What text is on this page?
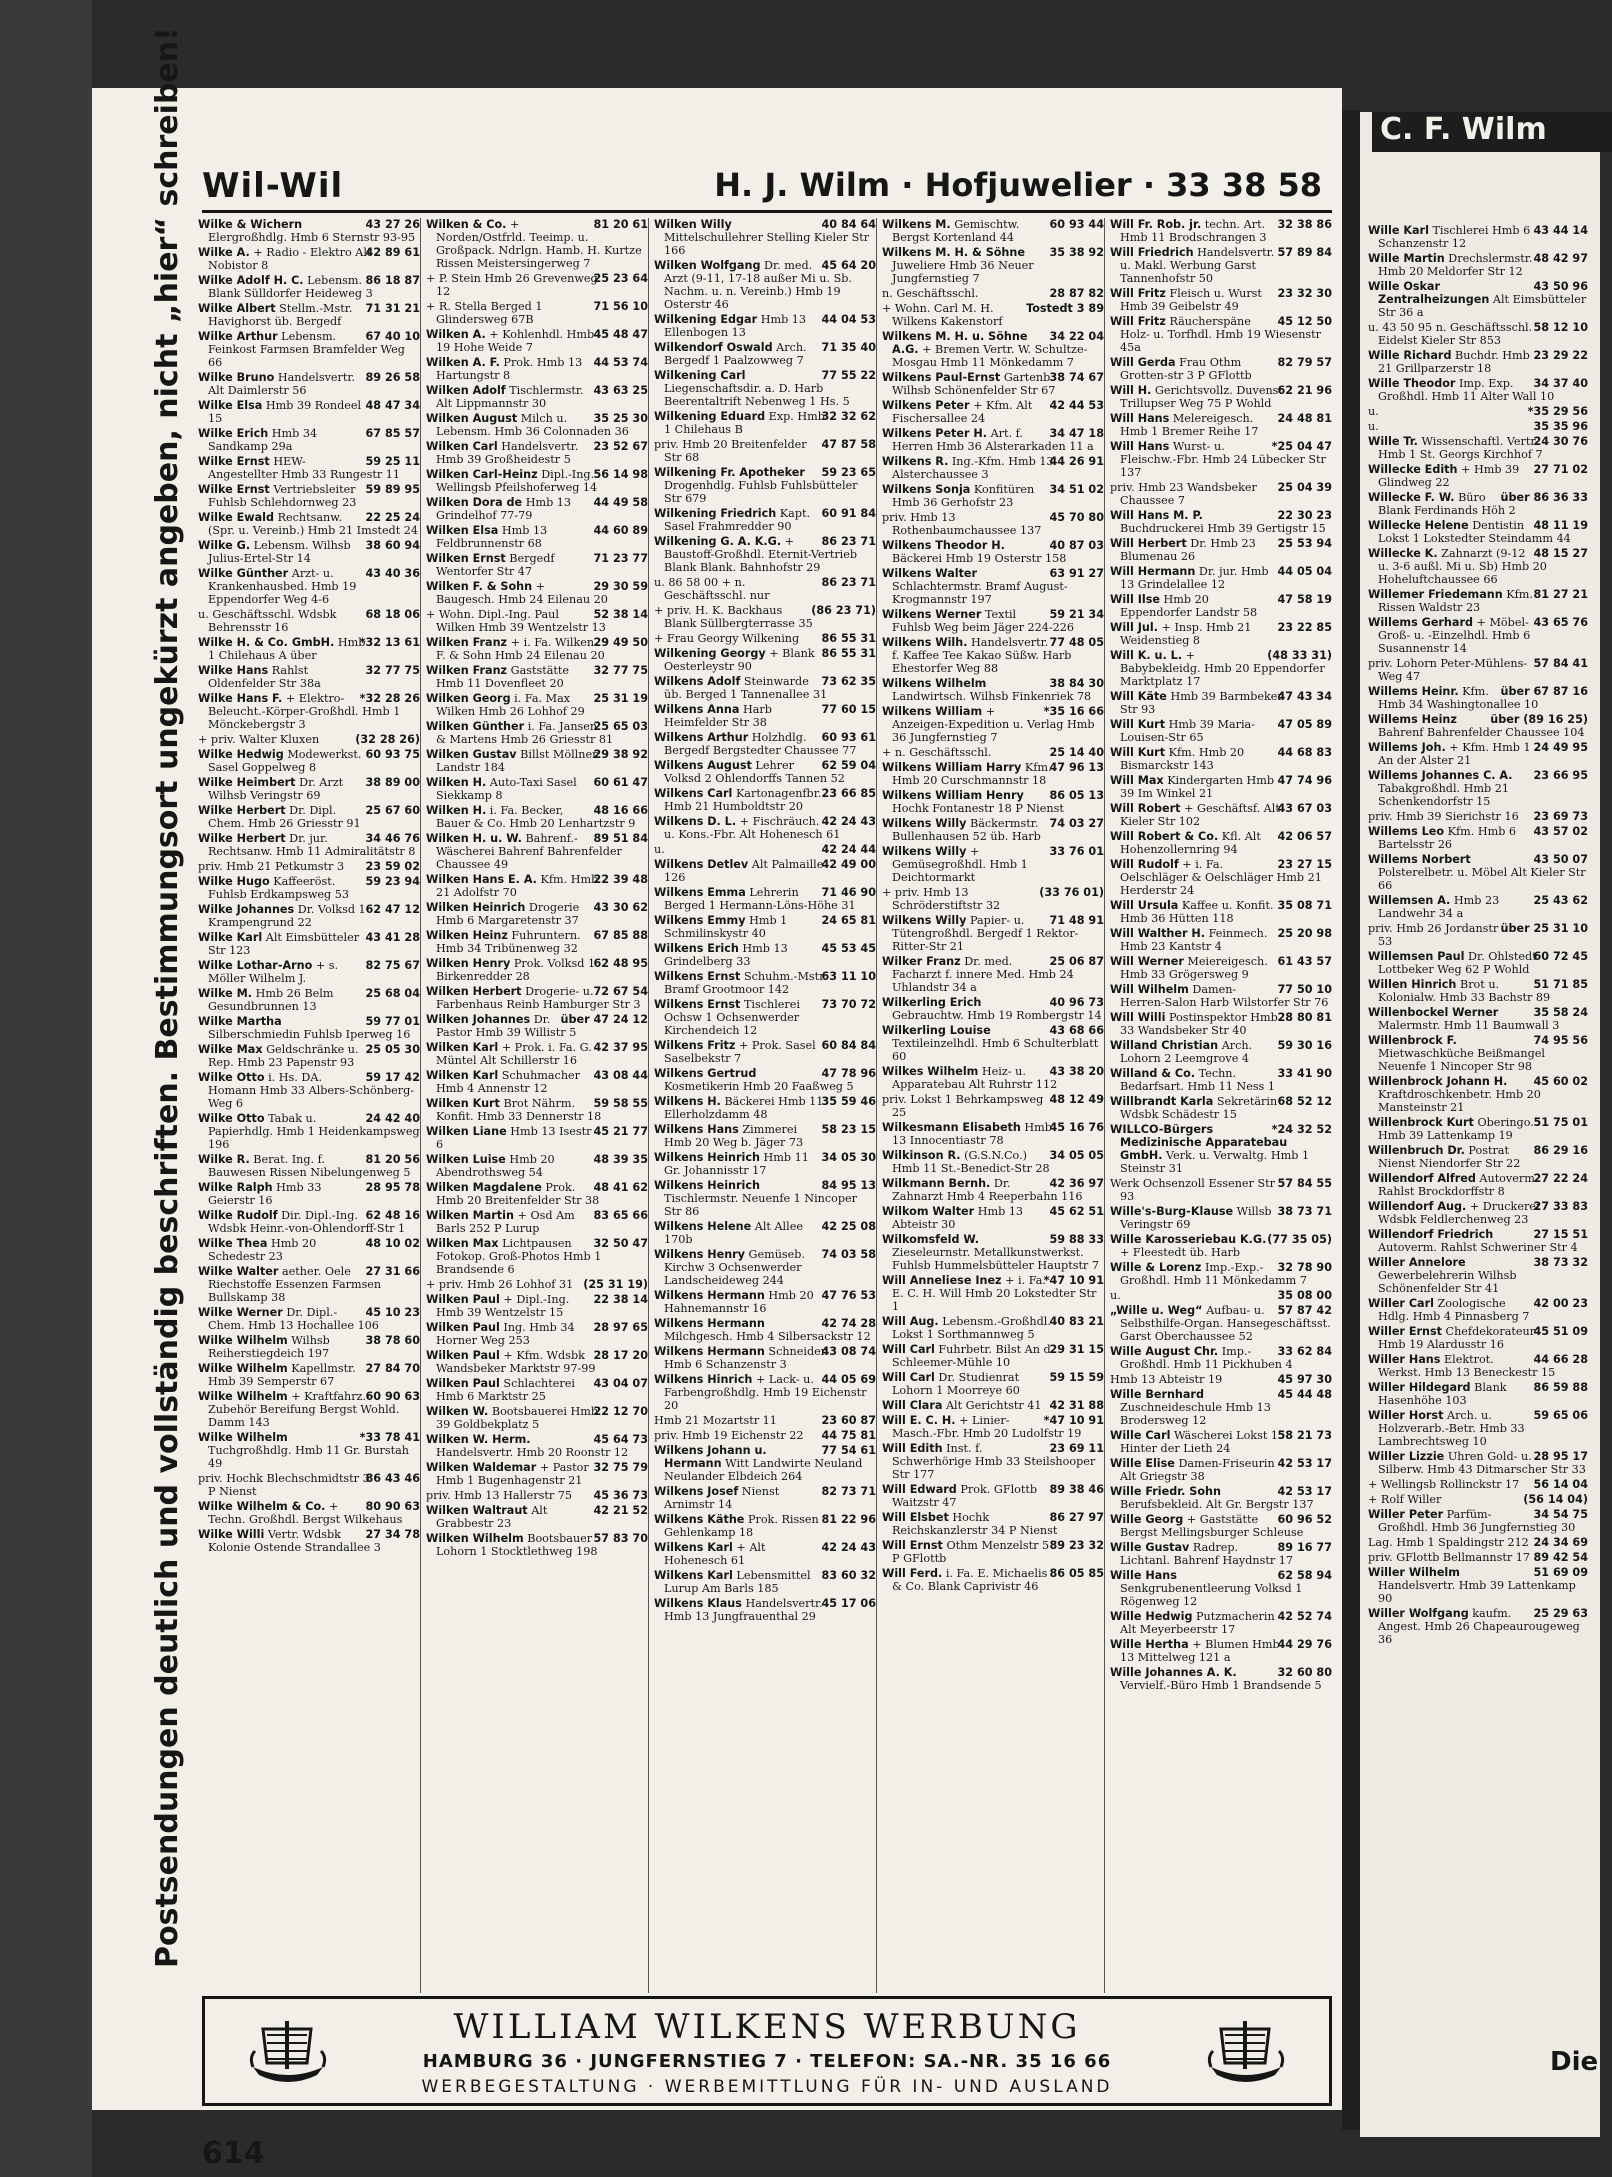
Wil-Wil	H. J. Wilm · Hofjuwelier · 33 38 58
Postsendungen deutlich und vollständig beschriften. Bestimmungsort ungekürzt angeben, nicht „hier“ schreiben!	43 27 26
Wilke & Wichern Elergroßhdlg. Hmb 6 Sternstr 93-95
42 89 61
Wilke A. + Radio - Elektro Alt Nobistor 8
86 18 87
Wilke Adolf H. C. Lebensm. Blank Sülldorfer Heideweg 3
71 31 21
Wilke Albert Stellm.-Mstr. Havighorst üb. Bergedf
67 40 10
Wilke Arthur Lebensm. Feinkost Farmsen Bramfelder Weg 66
89 26 58
Wilke Bruno Handelsvertr. Alt Daimlerstr 56
48 47 34
Wilke Elsa Hmb 39 Rondeel 15
67 85 57
Wilke Erich Hmb 34 Sandkamp 29a
59 25 11
Wilke Ernst HEW-Angestellter Hmb 33 Rungestr 11
59 89 95
Wilke Ernst Vertriebsleiter Fuhlsb Schlehdornweg 23
22 25 24
Wilke Ewald Rechtsanw. (Spr. u. Vereinb.) Hmb 21 Imstedt 24
38 60 94
Wilke G. Lebensm. Wilhsb Julius-Ertel-Str 14
43 40 36
Wilke Günther Arzt- u. Krankenhausbed. Hmb 19 Eppendorfer Weg 4-6
68 18 06
u. Geschäftsschl. Wdsbk Behrensstr 16
*32 13 61
Wilke H. & Co. GmbH. Hmb 1 Chilehaus A über
32 77 75
Wilke Hans Rahlst Oldenfelder Str 38a
*32 28 26
Wilke Hans F. + Elektro-Beleucht.-Körper-Großhdl. Hmb 1 Mönckebergstr 3
(32 28 26)
+ priv. Walter Kluxen
60 93 75
Wilke Hedwig Modewerkst. Sasel Goppelweg 8
38 89 00
Wilke Heimbert Dr. Arzt Wilhsb Veringstr 69
25 67 60
Wilke Herbert Dr. Dipl. Chem. Hmb 26 Griesstr 91
34 46 76
Wilke Herbert Dr. jur. Rechtsanw. Hmb 11 Admiralitätstr 8
23 59 02
priv. Hmb 21 Petkumstr 3
59 23 94
Wilke Hugo Kaffeeröst. Fuhlsb Erdkampsweg 53
62 47 12
Wilke Johannes Dr. Volksd 1 Krampengrund 22
43 41 28
Wilke Karl Alt Eimsbütteler Str 123
82 75 67
Wilke Lothar-Arno + s. Möller Wilhelm J.
25 68 04
Wilke M. Hmb 26 Belm Gesundbrunnen 13
59 77 01
Wilke Martha Silberschmiedin Fuhlsb Iperweg 16
25 05 30
Wilke Max Geldschränke u. Rep. Hmb 23 Papenstr 93
59 17 42
Wilke Otto i. Hs. DA. Homann Hmb 33 Albers-Schönberg-Weg 6
24 42 40
Wilke Otto Tabak u. Papierhdlg. Hmb 1 Heidenkampsweg 196
81 20 56
Wilke R. Berat. Ing. f. Bauwesen Rissen Nibelungenweg 5
28 95 78
Wilke Ralph Hmb 33 Geierstr 16
62 48 16
Wilke Rudolf Dir. Dipl.-Ing. Wdsbk Heinr.-von-Ohlendorff-Str 1
48 10 02
Wilke Thea Hmb 20 Schedestr 23
27 31 66
Wilke Walter aether. Oele Riechstoffe Essenzen Farmsen Bullskamp 38
45 10 23
Wilke Werner Dr. Dipl.-Chem. Hmb 13 Hochallee 106
38 78 60
Wilke Wilhelm Wilhsb Reiherstiegdeich 197
27 84 70
Wilke Wilhelm Kapellmstr. Hmb 39 Semperstr 67
60 90 63
Wilke Wilhelm + Kraftfahrz.-Zubehör Bereifung Bergst Wohld. Damm 143
*33 78 41
Wilke Wilhelm Tuchgroßhdlg. Hmb 11 Gr. Burstah 49
86 43 46
priv. Hochk Blechschmidtstr 3 P Nienst
80 90 63
Wilke Wilhelm & Co. + Techn. Großhdl. Bergst Wilkehaus
27 34 78
Wilke Willi Vertr. Wdsbk Kolonie Ostende Strandallee 3
81 20 61
Wilken & Co. + Norden/Ostfrld. Teeimp. u. Großpack. Ndrlgn. Hamb. H. Kurtze Rissen Meistersingerweg 7
25 23 64
+ P. Stein Hmb 26 Grevenweg 12
71 56 10
+ R. Stella Berged 1 Glindersweg 67B
45 48 47
Wilken A. + Kohlenhdl. Hmb 19 Hohe Weide 7
44 53 74
Wilken A. F. Prok. Hmb 13 Hartungstr 8
43 63 25
Wilken Adolf Tischlermstr. Alt Lippmannstr 30
35 25 30
Wilken August Milch u. Lebensm. Hmb 36 Colonnaden 36
23 52 67
Wilken Carl Handelsvertr. Hmb 39 Großheidestr 5
56 14 98
Wilken Carl-Heinz Dipl.-Ing. Wellingsb Pfeilshoferweg 14
44 49 58
Wilken Dora de Hmb 13 Grindelhof 77-79
44 60 89
Wilken Elsa Hmb 13 Feldbrunnenstr 68
71 23 77
Wilken Ernst Bergedf Wentorfer Str 47
29 30 59
Wilken F. & Sohn + Baugesch. Hmb 24 Eilenau 20
52 38 14
+ Wohn. Dipl.-Ing. Paul Wilken Hmb 39 Wentzelstr 13
29 49 50
Wilken Franz + i. Fa. Wilken F. & Sohn Hmb 24 Eilenau 20
32 77 75
Wilken Franz Gaststätte Hmb 11 Dovenfleet 20
25 31 19
Wilken Georg i. Fa. Max Wilken Hmb 26 Lohhof 29
25 65 03
Wilken Günther i. Fa. Jansen & Martens Hmb 26 Griesstr 81
29 38 92
Wilken Gustav Billst Möllner Landstr 184
60 61 47
Wilken H. Auto-Taxi Sasel Siekkamp 8
48 16 66
Wilken H. i. Fa. Becker, Bauer & Co. Hmb 20 Lenhartzstr 9
89 51 84
Wilken H. u. W. Bahrenf.-Wäscherei Bahrenf Bahrenfelder Chaussee 49
22 39 48
Wilken Hans E. A. Kfm. Hmb 21 Adolfstr 70
43 30 62
Wilken Heinrich Drogerie Hmb 6 Margaretenstr 37
67 85 88
Wilken Heinz Fuhruntern. Hmb 34 Tribünenweg 32
62 48 95
Wilken Henry Prok. Volksd 1 Birkenredder 28
72 67 54
Wilken Herbert Drogerie- u. Farbenhaus Reinb Hamburger Str 3
über 47 24 12
Wilken Johannes Dr. Pastor Hmb 39 Willistr 5
42 37 95
Wilken Karl + Prok. i. Fa. G. Müntel Alt Schillerstr 16
43 08 44
Wilken Karl Schuhmacher Hmb 4 Annenstr 12
59 58 55
Wilken Kurt Brot Nährm. Konfit. Hmb 33 Dennerstr 18
45 21 77
Wilken Liane Hmb 13 Isestr 6
48 39 35
Wilken Luise Hmb 20 Abendrothsweg 54
48 41 62
Wilken Magdalene Prok. Hmb 20 Breitenfelder Str 38
83 65 66
Wilken Martin + Osd Am Barls 252 P Lurup
32 50 47
Wilken Max Lichtpausen Fotokop. Groß-Photos Hmb 1 Brandsende 6
(25 31 19)
+ priv. Hmb 26 Lohhof 31
22 38 14
Wilken Paul + Dipl.-Ing. Hmb 39 Wentzelstr 15
28 97 65
Wilken Paul Ing. Hmb 34 Horner Weg 253
28 17 20
Wilken Paul + Kfm. Wdsbk Wandsbeker Marktstr 97-99
43 04 07
Wilken Paul Schlachterei Hmb 6 Marktstr 25
22 12 70
Wilken W. Bootsbauerei Hmb 39 Goldbekplatz 5
45 64 73
Wilken W. Herm. Handelsvertr. Hmb 20 Roonstr 12
32 75 79
Wilken Waldemar + Pastor Hmb 1 Bugenhagenstr 21
45 36 73
priv. Hmb 13 Hallerstr 75
42 21 52
Wilken Waltraut Alt Grabbestr 23
57 83 70
Wilken Wilhelm Bootsbauer Lohorn 1 Stocktlethweg 198
40 84 64
Wilken Willy Mittelschullehrer Stelling Kieler Str 166
45 64 20
Wilken Wolfgang Dr. med. Arzt (9-11, 17-18 außer Mi u. Sb. Nachm. u. n. Vereinb.) Hmb 19 Osterstr 46
44 04 53
Wilkening Edgar Hmb 13 Ellenbogen 13
71 35 40
Wilkendorf Oswald Arch. Bergedf 1 Paalzowweg 7
77 55 22
Wilkening Carl Liegenschaftsdir. a. D. Harb Beerentaltrift Nebenweg 1 Hs. 5
32 32 62
Wilkening Eduard Exp. Hmb 1 Chilehaus B
47 87 58
priv. Hmb 20 Breitenfelder Str 68
59 23 65
Wilkening Fr. Apotheker Drogenhdlg. Fuhlsb Fuhlsbütteler Str 679
60 91 84
Wilkening Friedrich Kapt. Sasel Frahmredder 90
86 23 71
Wilkening G. A. K.G. + Baustoff-Großhdl. Eternit-Vertrieb Blank Blank. Bahnhofstr 29
86 23 71
u. 86 58 00 + n. Geschäftsschl. nur
(86 23 71)
+ priv. H. K. Backhaus Blank Süllbergterrasse 35
86 55 31
+ Frau Georgy Wilkening
86 55 31
Wilkening Georgy + Blank Oesterleystr 90
73 62 35
Wilkens Adolf Steinwarde üb. Berged 1 Tannenallee 31
77 60 15
Wilkens Anna Harb Heimfelder Str 38
60 93 61
Wilkens Arthur Holzhdlg. Bergedf Bergstedter Chaussee 77
62 59 04
Wilkens August Lehrer Volksd 2 Ohlendorffs Tannen 52
23 66 85
Wilkens Carl Kartonagenfbr. Hmb 21 Humboldtstr 20
42 24 43
Wilkens D. L. + Fischräuch. u. Kons.-Fbr. Alt Hohenesch 61
42 24 44
u.
42 49 00
Wilkens Detlev Alt Palmaille 126
71 46 90
Wilkens Emma Lehrerin Berged 1 Hermann-Löns-Höhe 31
24 65 81
Wilkens Emmy Hmb 1 Schmilinskystr 40
45 53 45
Wilkens Erich Hmb 13 Grindelberg 33
63 11 10
Wilkens Ernst Schuhm.-Mstr. Bramf Grootmoor 142
73 70 72
Wilkens Ernst Tischlerei Ochsw 1 Ochsenwerder Kirchendeich 12
60 84 84
Wilkens Fritz + Prok. Sasel Saselbekstr 7
47 78 96
Wilkens Gertrud Kosmetikerin Hmb 20 Faaßweg 5
35 59 46
Wilkens H. Bäckerei Hmb 11 Ellerholzdamm 48
58 23 15
Wilkens Hans Zimmerei Hmb 20 Weg b. Jäger 73
34 05 30
Wilkens Heinrich Hmb 11 Gr. Johannisstr 17
84 95 13
Wilkens Heinrich Tischlermstr. Neuenfe 1 Nincoper Str 86
42 25 08
Wilkens Helene Alt Allee 170b
74 03 58
Wilkens Henry Gemüseb. Kirchw 3 Ochsenwerder Landscheideweg 244
47 76 53
Wilkens Hermann Hmb 20 Hahnemannstr 16
42 74 28
Wilkens Hermann Milchgesch. Hmb 4 Silbersackstr 12
43 08 74
Wilkens Hermann Schneider Hmb 6 Schanzenstr 3
44 05 69
Wilkens Hinrich + Lack- u. Farbengroßhdlg. Hmb 19 Eichenstr 20
23 60 87
Hmb 21 Mozartstr 11
44 75 81
priv. Hmb 19 Eichenstr 22
77 54 61
Wilkens Johann u. Hermann Witt Landwirte Neuland Neulander Elbdeich 264
82 73 71
Wilkens Josef Nienst Arnimstr 14
81 22 96
Wilkens Käthe Prok. Rissen Gehlenkamp 18
42 24 43
Wilkens Karl + Alt Hohenesch 61
83 60 32
Wilkens Karl Lebensmittel Lurup Am Barls 185
45 17 06
Wilkens Klaus Handelsvertr. Hmb 13 Jungfrauenthal 29
60 93 44
Wilkens M. Gemischtw. Bergst Kortenland 44
35 38 92
Wilkens M. H. & Söhne Juweliere Hmb 36 Neuer Jungfernstieg 7
28 87 82
n. Geschäftsschl.
Tostedt 3 89
+ Wohn. Carl M. H. Wilkens Kakenstorf
34 22 04
Wilkens M. H. u. Söhne A.G. + Bremen Vertr. W. Schultze-Mosgau Hmb 11 Mönkedamm 7
38 74 67
Wilkens Paul-Ernst Gartenb. Wilhsb Schönenfelder Str 67
42 44 53
Wilkens Peter + Kfm. Alt Fischersallee 24
34 47 18
Wilkens Peter H. Art. f. Herren Hmb 36 Alsterarkaden 11 a
44 26 91
Wilkens R. Ing.-Kfm. Hmb 13 Alsterchaussee 3
34 51 02
Wilkens Sonja Konfitüren Hmb 36 Gerhofstr 23
45 70 80
priv. Hmb 13 Rothenbaumchaussee 137
40 87 03
Wilkens Theodor H. Bäckerei Hmb 19 Osterstr 158
63 91 27
Wilkens Walter Schlachtermstr. Bramf August-Krogmannstr 197
59 21 34
Wilkens Werner Textil Fuhlsb Weg beim Jäger 224-226
77 48 05
Wilkens Wilh. Handelsvertr. f. Kaffee Tee Kakao Süßw. Harb Ehestorfer Weg 88
38 84 30
Wilkens Wilhelm Landwirtsch. Wilhsb Finkenriek 78
*35 16 66
Wilkens William + Anzeigen-Expedition u. Verlag Hmb 36 Jungfernstieg 7
25 14 40
+ n. Geschäftsschl.
47 96 13
Wilkens William Harry Kfm. Hmb 20 Curschmannstr 18
86 05 13
Wilkens William Henry Hochk Fontanestr 18 P Nienst
74 03 27
Wilkens Willy Bäckermstr. Bullenhausen 52 üb. Harb
33 76 01
Wilkens Willy + Gemüsegroßhdl. Hmb 1 Deichtormarkt
(33 76 01)
+ priv. Hmb 13 Schröderstiftstr 32
71 48 91
Wilkens Willy Papier- u. Tütengroßhdl. Bergedf 1 Rektor-Ritter-Str 21
25 06 87
Wilker Franz Dr. med. Facharzt f. innere Med. Hmb 24 Uhlandstr 34 a
40 96 73
Wilkerling Erich Gebrauchtw. Hmb 19 Rombergstr 14
43 68 66
Wilkerling Louise Textileinzelhdl. Hmb 6 Schulterblatt 60
43 38 20
Wilkes Wilhelm Heiz- u. Apparatebau Alt Ruhrstr 112
48 12 49
priv. Lokst 1 Behrkampsweg 25
45 16 76
Wilkesmann Elisabeth Hmb 13 Innocentiastr 78
34 05 05
Wilkinson R. (G.S.N.Co.) Hmb 11 St.-Benedict-Str 28
42 36 97
Wilkmann Bernh. Dr. Zahnarzt Hmb 4 Reeperbahn 116
45 62 51
Wilkom Walter Hmb 13 Abteistr 30
59 88 33
Wilkomsfeld W. Zieseleurnstr. Metallkunstwerkst. Fuhlsb Hummelsbütteler Hauptstr 7
*47 10 91
Will Anneliese Inez + i. Fa. E. C. H. Will Hmb 20 Lokstedter Str 1
40 83 21
Will Aug. Lebensm.-Großhdl. Lokst 1 Sorthmannweg 5
29 31 15
Will Carl Fuhrbetr. Bilst An d. Schleemer-Mühle 10
59 15 59
Will Carl Dr. Studienrat Lohorn 1 Moorreye 60
42 31 88
Will Clara Alt Gerichtstr 41
*47 10 91
Will E. C. H. + Linier-Masch.-Fbr. Hmb 20 Ludolfstr 19
23 69 11
Will Edith Inst. f. Schwerhörige Hmb 33 Steilshooper Str 177
89 38 46
Will Edward Prok. GFlottb Waitzstr 47
86 27 97
Will Elsbet Hochk Reichskanzlerstr 34 P Nienst
89 23 32
Will Ernst Othm Menzelstr 5 P GFlottb
86 05 85
Will Ferd. i. Fa. E. Michaelis & Co. Blank Caprivistr 46
32 38 86
Will Fr. Rob. jr. techn. Art. Hmb 11 Brodschrangen 3
57 89 84
Will Friedrich Handelsvertr. u. Makl. Werbung Garst Tannenhofstr 50
23 32 30
Will Fritz Fleisch u. Wurst Hmb 39 Geibelstr 49
45 12 50
Will Fritz Räucherspäne Holz- u. Torfhdl. Hmb 19 Wiesenstr 45a
82 79 57
Will Gerda Frau Othm Grotten-str 3 P GFlottb
62 21 96
Will H. Gerichtsvollz. Duvenst Trillupser Weg 75 P Wohld
24 48 81
Will Hans Melereigesch. Hmb 1 Bremer Reihe 17
*25 04 47
Will Hans Wurst- u. Fleischw.-Fbr. Hmb 24 Lübecker Str 137
25 04 39
priv. Hmb 23 Wandsbeker Chaussee 7
22 30 23
Will Hans M. P. Buchdruckerei Hmb 39 Gertigstr 15
25 53 94
Will Herbert Dr. Hmb 23 Blumenau 26
44 05 04
Will Hermann Dr. jur. Hmb 13 Grindelallee 12
47 58 19
Will Ilse Hmb 20 Eppendorfer Landstr 58
23 22 85
Will Jul. + Insp. Hmb 21 Weidenstieg 8
(48 33 31)
Will K. u. L. + Babybekleidg. Hmb 20 Eppendorfer Marktplatz 17
47 43 34
Will Käte Hmb 39 Barmbeker Str 93
47 05 89
Will Kurt Hmb 39 Maria-Louisen-Str 65
44 68 83
Will Kurt Kfm. Hmb 20 Bismarckstr 143
47 74 96
Will Max Kindergarten Hmb 39 Im Winkel 21
43 67 03
Will Robert + Geschäftsf. Alt Kieler Str 102
42 06 57
Will Robert & Co. Kfl. Alt Hohenzollernring 94
23 27 15
Will Rudolf + i. Fa. Oelschläger & Oelschläger Hmb 21 Herderstr 24
35 08 71
Will Ursula Kaffee u. Konfit. Hmb 36 Hütten 118
25 20 98
Will Walther H. Feinmech. Hmb 23 Kantstr 4
61 43 57
Will Werner Meiereigesch. Hmb 33 Grögersweg 9
77 50 10
Will Wilhelm Damen- Herren-Salon Harb Wilstorfer Str 76
28 80 81
Will Willi Postinspektor Hmb 33 Wandsbeker Str 40
59 30 16
Willand Christian Arch. Lohorn 2 Leemgrove 4
33 41 90
Willand & Co. Techn. Bedarfsart. Hmb 11 Ness 1
68 52 12
Willbrandt Karla Sekretärin Wdsbk Schädestr 15
*24 32 52
WILLCO-Bürgers Medizinische Apparatebau GmbH. Verk. u. Verwaltg. Hmb 1 Steinstr 31
57 84 55
Werk Ochsenzoll Essener Str 93
38 73 71
Wille's-Burg-Klause Willsb Veringstr 69
(77 35 05)
Wille Karosseriebau K.G. + Fleestedt üb. Harb
32 78 90
Wille & Lorenz Imp.-Exp.-Großhdl. Hmb 11 Mönkedamm 7
35 08 00
u.
57 87 42
„Wille u. Weg“ Aufbau- u. Selbsthilfe-Organ. Hansegeschäftsst. Garst Oberchaussee 52
33 62 84
Wille August Chr. Imp.-Großhdl. Hmb 11 Pickhuben 4
45 97 30
Hmb 13 Abteistr 19
45 44 48
Wille Bernhard Zuschneideschule Hmb 13 Brodersweg 12
58 21 73
Wille Carl Wäscherei Lokst 1 Hinter der Lieth 24
42 53 17
Wille Elise Damen-Friseurin Alt Griegstr 38
42 53 17
Wille Friedr. Sohn Berufsbekleid. Alt Gr. Bergstr 137
60 96 52
Wille Georg + Gaststätte Bergst Mellingsburger Schleuse
89 16 77
Wille Gustav Radrep. Lichtanl. Bahrenf Haydnstr 17
62 58 94
Wille Hans Senkgrubenentleerung Volksd 1 Rögenweg 12
42 52 74
Wille Hedwig Putzmacherin Alt Meyerbeerstr 17
44 29 76
Wille Hertha + Blumen Hmb 13 Mittelweg 121 a
32 60 80
Wille Johannes A. K. Vervielf.-Büro Hmb 1 Brandsende 5
WILLIAM WILKENS WERBUNG
HAMBURG 36 · JUNGFERNSTIEG 7 · TELEFON: SA.-NR. 35 16 66
WERBEGESTALTUNG · WERBEMITTLUNG FÜR IN- UND AUSLAND
614
C. F. Wilm
43 44 14
Wille Karl Tischlerei Hmb 6 Schanzenstr 12
48 42 97
Wille Martin Drechslermstr. Hmb 20 Meldorfer Str 12
43 50 96
Wille Oskar Zentralheizungen Alt Eimsbütteler Str 36 a
58 12 10
u. 43 50 95 n. Geschäftsschl. Eidelst Kieler Str 853
23 29 22
Wille Richard Buchdr. Hmb 21 Grillparzerstr 18
34 37 40
Wille Theodor Imp. Exp. Großhdl. Hmb 11 Alter Wall 10
*35 29 56
u.
35 35 96
u.
24 30 76
Wille Tr. Wissenschaftl. Vertr. Hmb 1 St. Georgs Kirchhof 7
27 71 02
Willecke Edith + Hmb 39 Glindweg 22
über 86 36 33
Willecke F. W. Büro Blank Ferdinands Höh 2
48 11 19
Willecke Helene Dentistin Lokst 1 Lokstedter Steindamm 44
48 15 27
Willecke K. Zahnarzt (9-12 u. 3-6 außl. Mi u. Sb) Hmb 20 Hoheluftchaussee 66
81 27 21
Willemer Friedemann Kfm. Rissen Waldstr 23
43 65 76
Willems Gerhard + Möbel-Groß- u. -Einzelhdl. Hmb 6 Susannenstr 14
57 84 41
priv. Lohorn Peter-Mühlens-Weg 47
über 67 87 16
Willems Heinr. Kfm. Hmb 34 Washingtonallee 10
über (89 16 25)
Willems Heinz Bahrenf Bahrenfelder Chaussee 104
24 49 95
Willems Joh. + Kfm. Hmb 1 An der Alster 21
23 66 95
Willems Johannes C. A. Tabakgroßhdl. Hmb 21 Schenkendorfstr 15
23 69 73
priv. Hmb 39 Sierichstr 16
43 57 02
Willems Leo Kfm. Hmb 6 Bartelsstr 26
43 50 07
Willems Norbert Polsterelbetr. u. Möbel Alt Kieler Str 66
25 43 62
Willemsen A. Hmb 23 Landwehr 34 a
über 25 31 10
priv. Hmb 26 Jordanstr 53
60 72 45
Willemsen Paul Dr. Ohlstedt Lottbeker Weg 62 P Wohld
51 71 85
Willen Hinrich Brot u. Kolonialw. Hmb 33 Bachstr 89
35 58 24
Willenbockel Werner Malermstr. Hmb 11 Baumwall 3
74 95 56
Willenbrock F. Mietwaschküche Beißmangel Neuenfe 1 Nincoper Str 98
45 60 02
Willenbrock Johann H. Kraftdroschkenbetr. Hmb 20 Mansteinstr 21
51 75 01
Willenbrock Kurt Oberingo. Hmb 39 Lattenkamp 19
86 29 16
Willenbruch Dr. Postrat Nienst Niendorfer Str 22
27 22 24
Willendorf Alfred Autoverm. Rahlst Brockdorffstr 8
27 33 83
Willendorf Aug. + Druckerei Wdsbk Feldlerchenweg 23
27 15 51
Willendorf Friedrich Autoverm. Rahlst Schweriner Str 4
38 73 32
Willer Annelore Gewerbelehrerin Wilhsb Schönenfelder Str 41
42 00 23
Willer Carl Zoologische Hdlg. Hmb 4 Pinnasberg 7
45 51 09
Willer Ernst Chefdekorateur Hmb 19 Alardusstr 16
44 66 28
Willer Hans Elektrot. Werkst. Hmb 13 Beneckestr 15
86 59 88
Willer Hildegard Blank Hasenhöhe 103
59 65 06
Willer Horst Arch. u. Holzverarb.-Betr. Hmb 33 Lambrechtsweg 10
28 95 17
Willer Lizzie Uhren Gold- u. Silberw. Hmb 43 Ditmarscher Str 33
56 14 04
+ Wellingsb Rollinckstr 17
(56 14 04)
+ Rolf Willer
34 54 75
Willer Peter Parfüm-Großhdl. Hmb 36 Jungfernstieg 30
24 34 69
Lag. Hmb 1 Spaldingstr 212
89 42 54
priv. GFlottb Bellmannstr 17
51 69 09
Willer Wilhelm Handelsvertr. Hmb 39 Lattenkamp 90
25 29 63
Willer Wolfgang kaufm. Angest. Hmb 26 Chapeaurougeweg 36
Die
